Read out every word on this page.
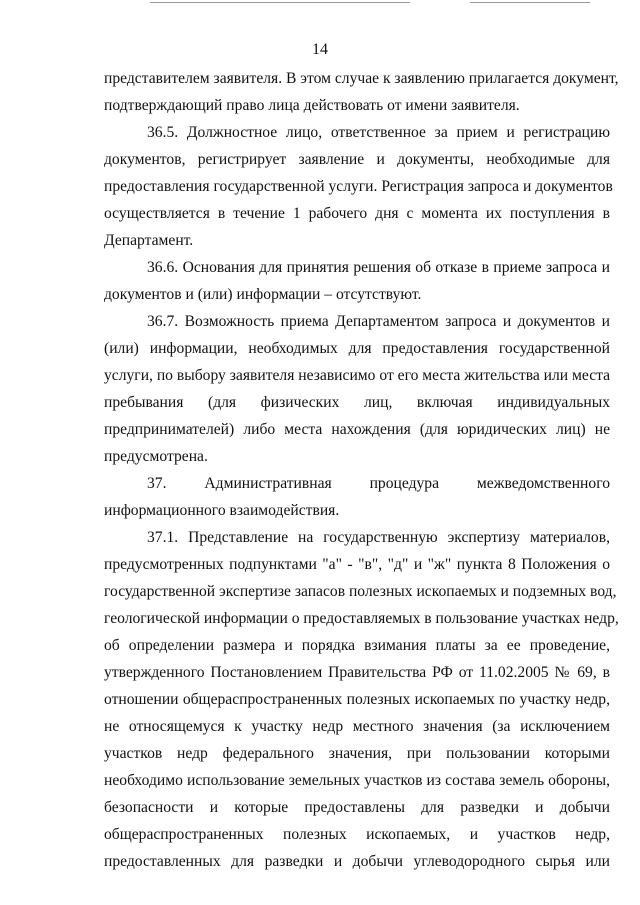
14
представителем заявителя. В этом случае к заявлению прилагается документ,
подтверждающий право лица действовать от имени заявителя.
36.5. Должностное лицо, ответственное за прием и регистрацию
документов, регистрирует заявление и документы, необходимые для
предоставления государственной услуги. Регистрация запроса и документов
осуществляется в течение 1 рабочего дня с момента их поступления в
Департамент.
36.6. Основания для принятия решения об отказе в приеме запроса и
документов и (или) информации – отсутствуют.
36.7. Возможность приема Департаментом запроса и документов и
(или) информации, необходимых для предоставления государственной
услуги, по выбору заявителя независимо от его места жительства или места
пребывания (для физических лиц, включая индивидуальных
предпринимателей) либо места нахождения (для юридических лиц) не
предусмотрена.
37. Административная процедура межведомственного
информационного взаимодействия.
37.1. Представление на государственную экспертизу материалов,
предусмотренных подпунктами "а" - "в", "д" и "ж" пункта 8 Положения о
государственной экспертизе запасов полезных ископаемых и подземных вод,
геологической информации о предоставляемых в пользование участках недр,
об определении размера и порядка взимания платы за ее проведение,
утвержденного Постановлением Правительства РФ от 11.02.2005 № 69, в
отношении общераспространенных полезных ископаемых по участку недр,
не относящемуся к участку недр местного значения (за исключением
участков недр федерального значения, при пользовании которыми
необходимо использование земельных участков из состава земель обороны,
безопасности и которые предоставлены для разведки и добычи
общераспространенных полезных ископаемых, и участков недр,
предоставленных для разведки и добычи углеводородного сырья или
